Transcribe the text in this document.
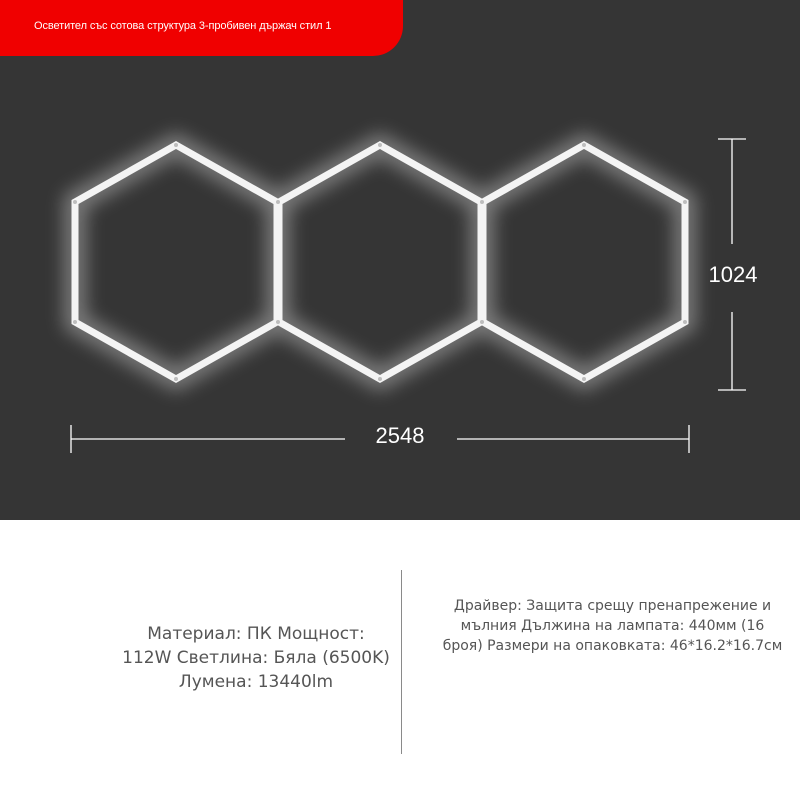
Осветител със сотова структура 3-пробивен държач стил 1
2548
1024
Материал: ПК Мощност: 112W Светлина: Бяла (6500K) Лумена: 13440lm
Драйвер: Защита срещу пренапрежение и мълния Дължина на лампата: 440мм (16 броя) Размери на опаковката: 46*16.2*16.7см
